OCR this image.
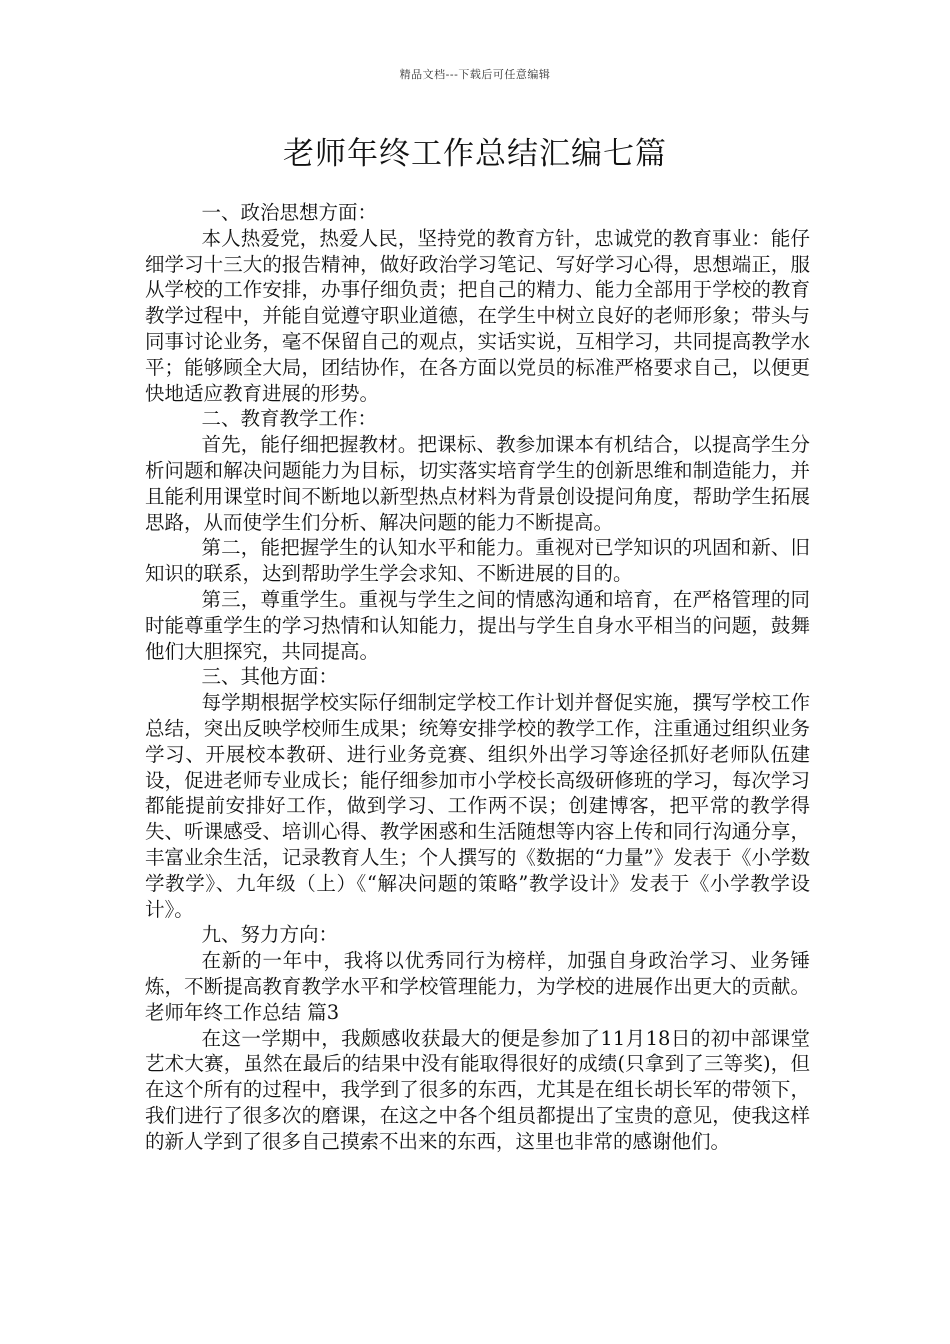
精品文档---下载后可任意编辑
老师年终工作总结汇编七篇

一、政治思想方面：

本人热爱党，热爱人民，坚持党的教育方针，忠诚党的教育事业：能仔细学习十三大的报告精神，做好政治学习笔记、写好学习心得，思想端正，服从学校的工作安排，办事仔细负责；把自己的精力、能力全部用于学校的教育教学过程中，并能自觉遵守职业道德，在学生中树立良好的老师形象；带头与同事讨论业务，毫不保留自己的观点，实话实说，互相学习，共同提高教学水平；能够顾全大局，团结协作，在各方面以党员的标准严格要求自己，以便更快地适应教育进展的形势。

二、教育教学工作：

首先，能仔细把握教材。把课标、教参加课本有机结合，以提高学生分析问题和解决问题能力为目标，切实落实培育学生的创新思维和制造能力，并且能利用课堂时间不断地以新型热点材料为背景创设提问角度，帮助学生拓展思路，从而使学生们分析、解决问题的能力不断提高。

第二，能把握学生的认知水平和能力。重视对已学知识的巩固和新、旧知识的联系，达到帮助学生学会求知、不断进展的目的。

第三，尊重学生。重视与学生之间的情感沟通和培育，在严格管理的同时能尊重学生的学习热情和认知能力，提出与学生自身水平相当的问题，鼓舞他们大胆探究，共同提高。

三、其他方面：

每学期根据学校实际仔细制定学校工作计划并督促实施，撰写学校工作总结，突出反映学校师生成果；统筹安排学校的教学工作，注重通过组织业务学习、开展校本教研、进行业务竞赛、组织外出学习等途径抓好老师队伍建设，促进老师专业成长；能仔细参加市小学校长高级研修班的学习，每次学习都能提前安排好工作，做到学习、工作两不误；创建博客，把平常的教学得失、听课感受、培训心得、教学困惑和生活随想等内容上传和同行沟通分享，丰富业余生活，记录教育人生；个人撰写的《数据的“力量”》发表于《小学数学教学》、九年级（上）《“解决问题的策略”教学设计》发表于《小学教学设计》。

九、努力方向：

在新的一年中，我将以优秀同行为榜样，加强自身政治学习、业务锤炼，不断提高教育教学水平和学校管理能力，为学校的进展作出更大的贡献。老师年终工作总结 篇3

在这一学期中，我颇感收获最大的便是参加了11月18日的初中部课堂艺术大赛，虽然在最后的结果中没有能取得很好的成绩(只拿到了三等奖)，但在这个所有的过程中，我学到了很多的东西，尤其是在组长胡长军的带领下，我们进行了很多次的磨课，在这之中各个组员都提出了宝贵的意见，使我这样的新人学到了很多自己摸索不出来的东西，这里也非常的感谢他们。
